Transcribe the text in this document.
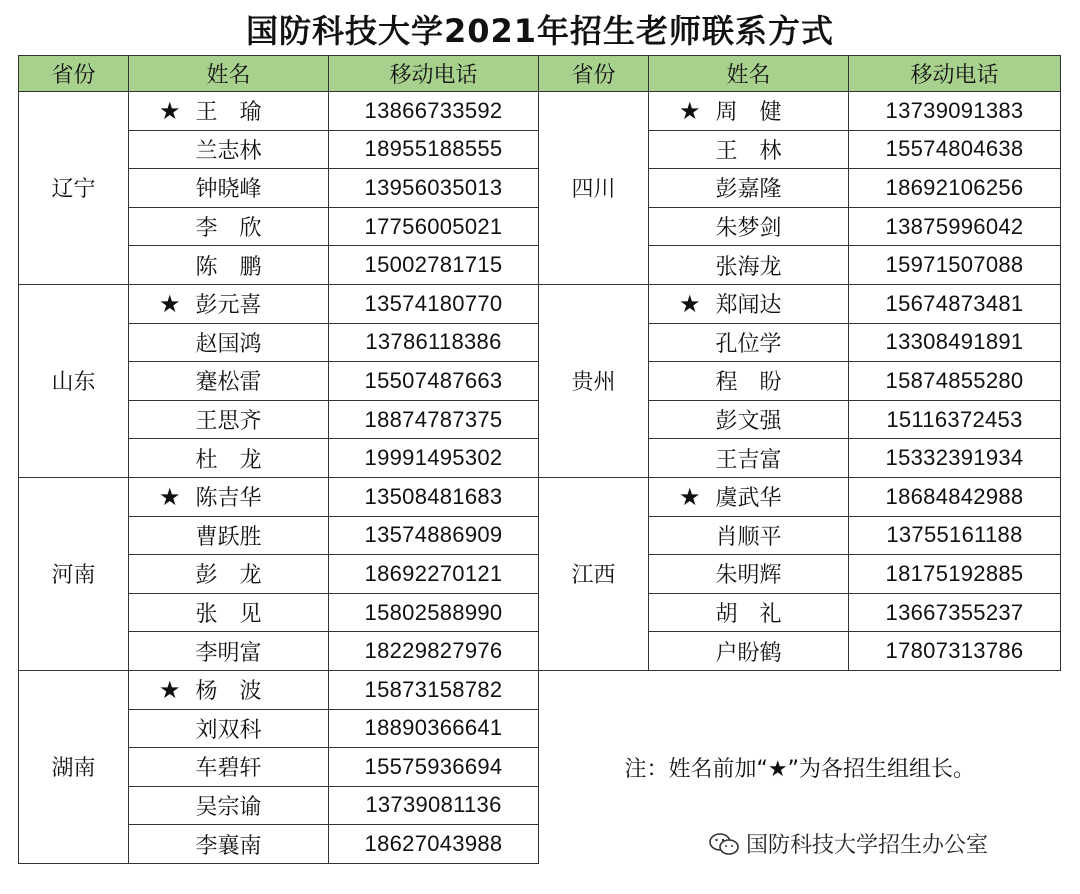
国防科技大学2021年招生老师联系方式
省份	姓名	移动电话	省份	姓名	移动电话
辽宁	★ 王　瑜	13866733592	四川	★ 周　健	13739091383
	兰志林	18955188555		王　林	15574804638
	钟晓峰	13956035013		彭嘉隆	18692106256
	李　欣	17756005021		朱梦剑	13875996042
	陈　鹏	15002781715		张海龙	15971507088
山东	★ 彭元喜	13574180770	贵州	★ 郑闻达	15674873481
	赵国鸿	13786118386		孔位学	13308491891
	蹇松雷	15507487663		程　盼	15874855280
	王思齐	18874787375		彭文强	15116372453
	杜　龙	19991495302		王吉富	15332391934
河南	★ 陈吉华	13508481683	江西	★ 虞武华	18684842988
	曹跃胜	13574886909		肖顺平	13755161188
	彭　龙	18692270121		朱明辉	18175192885
	张　见	15802588990		胡　礼	13667355237
	李明富	18229827976		户盼鹤	17807313786
湖南	★ 杨　波	15873158782	注：姓名前加“★”为各招生组组长。		
	刘双科	18890366641			
	车碧轩	15575936694			
	吴宗谕	13739081136			
	李襄南	18627043988				国防科技大学招生办公室
